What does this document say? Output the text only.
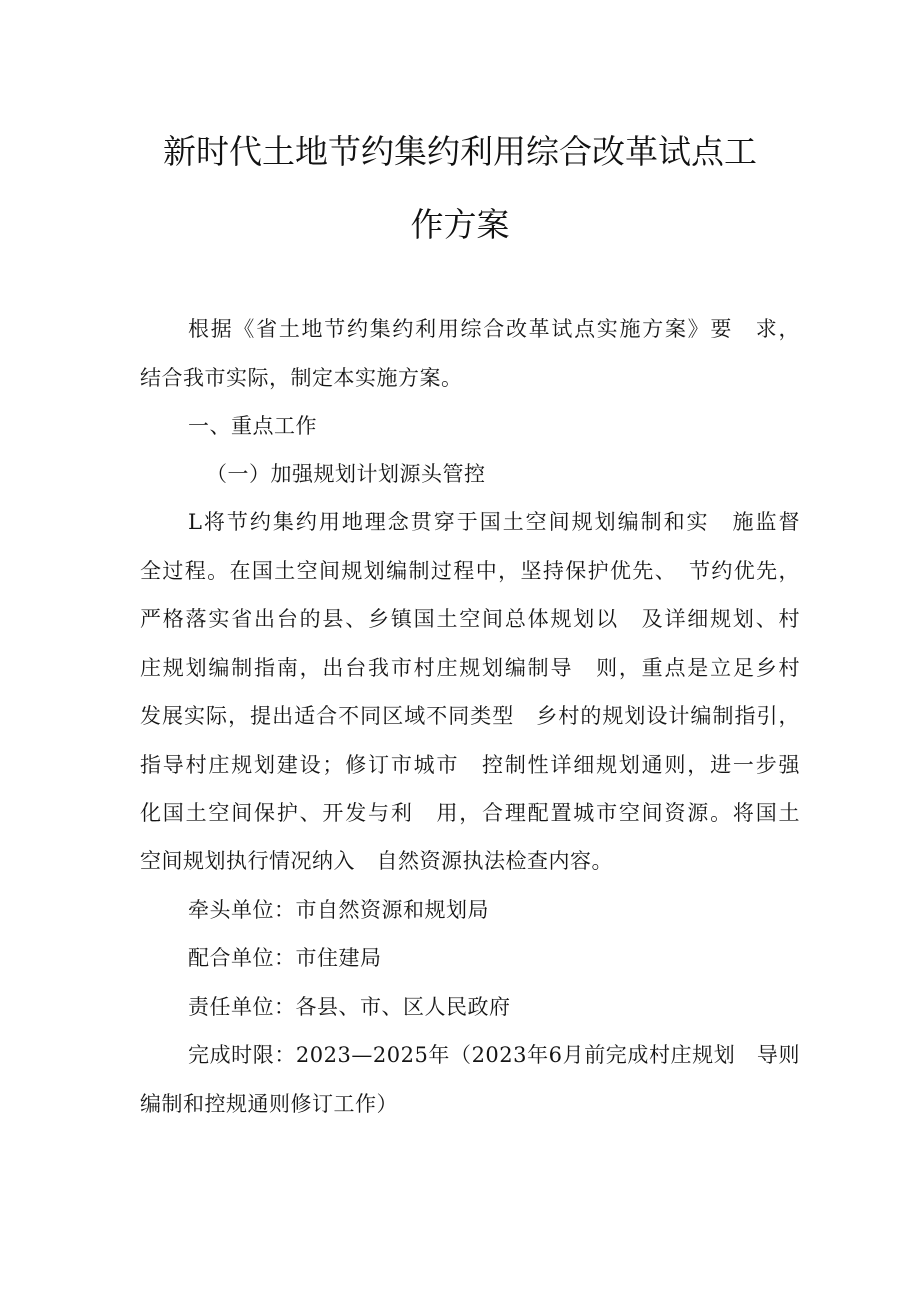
新时代土地节约集约利用综合改革试点工
作方案
根据《省土地节约集约利用综合改革试点实施方案》要　求，
结合我市实际，制定本实施方案。
一、重点工作
（一）加强规划计划源头管控
L将节约集约用地理念贯穿于国土空间规划编制和实　施监督
全过程。在国土空间规划编制过程中，坚持保护优先、　节约优先，
严格落实省出台的县、乡镇国土空间总体规划以　及详细规划、村
庄规划编制指南，出台我市村庄规划编制导　则，重点是立足乡村
发展实际，提出适合不同区域不同类型　乡村的规划设计编制指引，
指导村庄规划建设；修订市城市　控制性详细规划通则，进一步强
化国土空间保护、开发与利　用，合理配置城市空间资源。将国土
空间规划执行情况纳入　自然资源执法检查内容。
牵头单位：市自然资源和规划局
配合单位：市住建局
责任单位：各县、市、区人民政府
完成时限：2023—2025年（2023年6月前完成村庄规划　导则
编制和控规通则修订工作）
